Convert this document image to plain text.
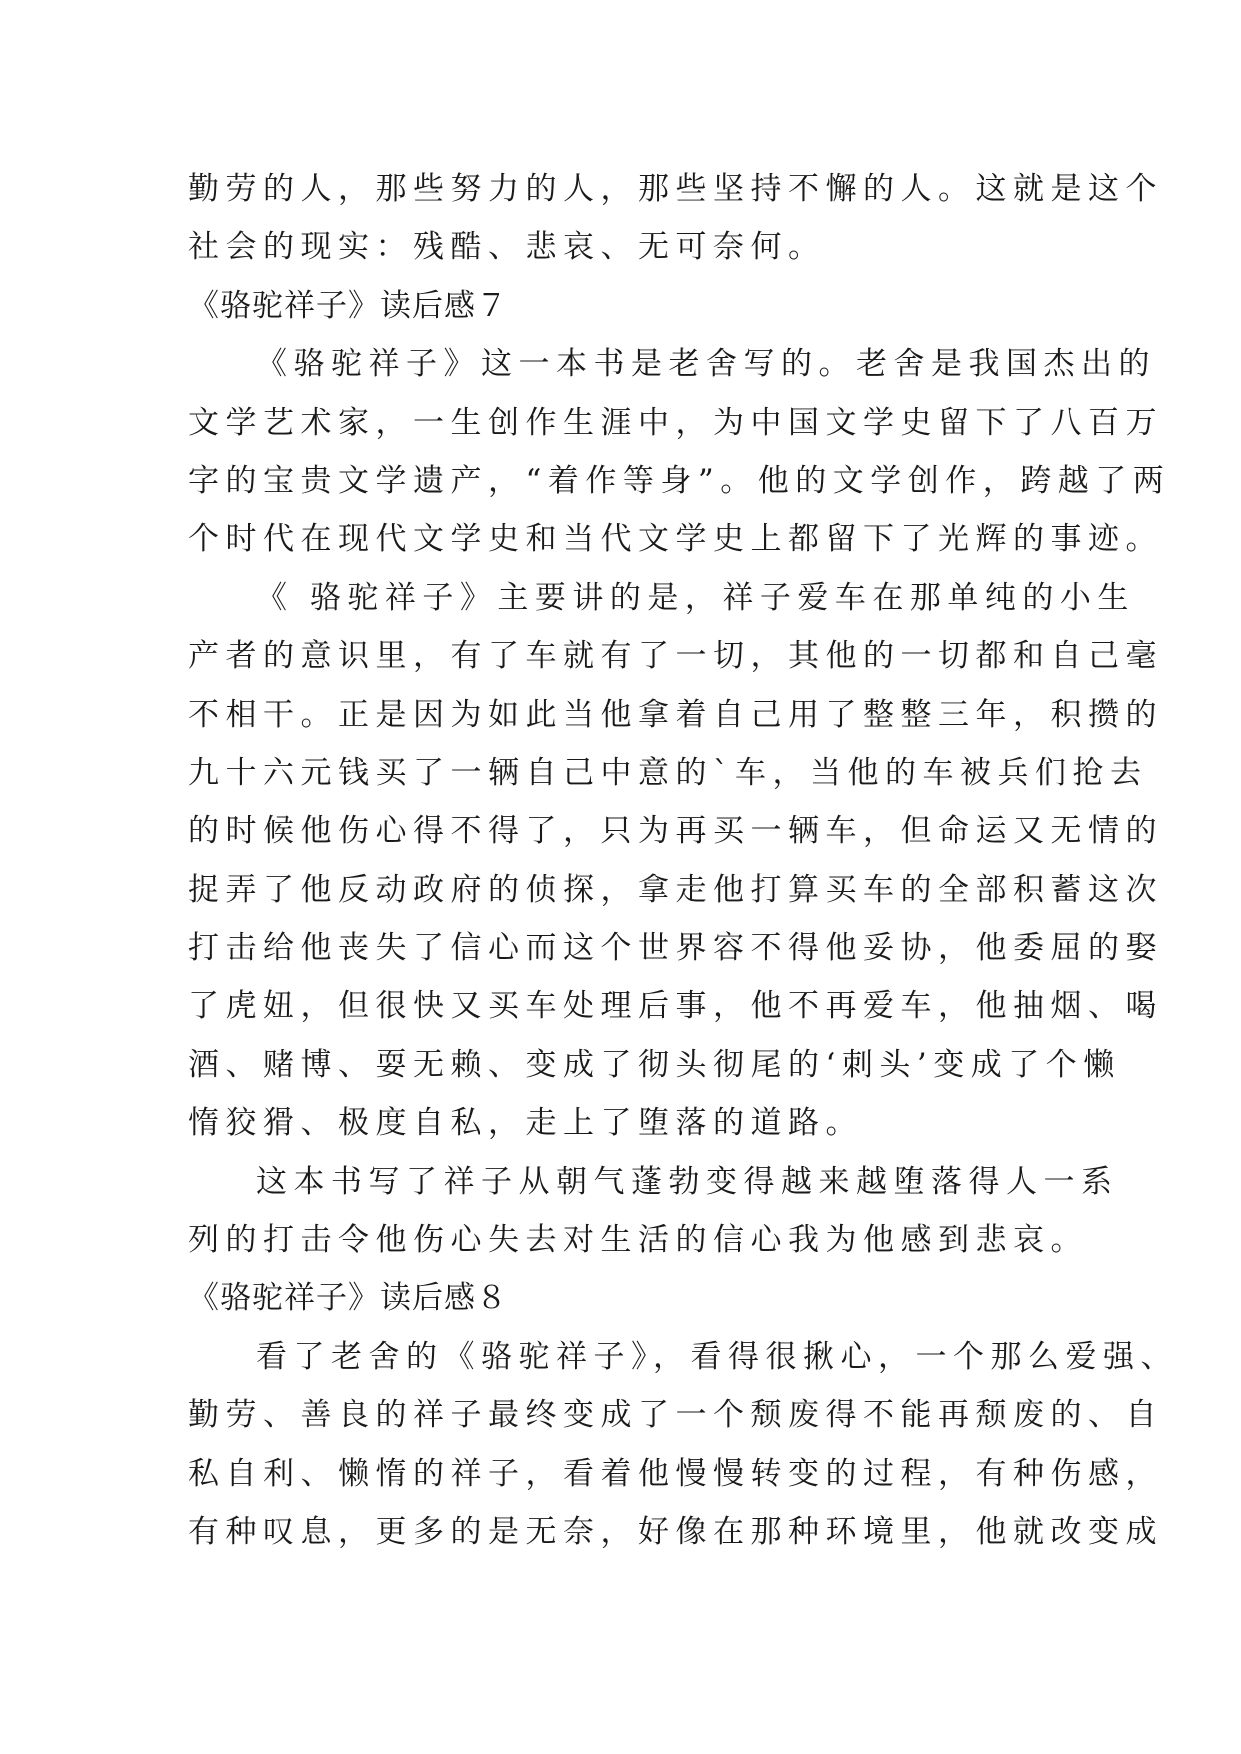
勤劳的人，那些努力的人，那些坚持不懈的人。这就是这个
社会的现实：残酷、悲哀、无可奈何。
《骆驼祥子》读后感７
《骆驼祥子》这一本书是老舍写的。老舍是我国杰出的
文学艺术家，一生创作生涯中，为中国文学史留下了八百万
字的宝贵文学遗产，“着作等身”。他的文学创作，跨越了两
个时代在现代文学史和当代文学史上都留下了光辉的事迹。
《 骆驼祥子》主要讲的是，祥子爱车在那单纯的小生
产者的意识里，有了车就有了一切，其他的一切都和自己毫
不相干。正是因为如此当他拿着自己用了整整三年，积攒的
九十六元钱买了一辆自己中意的`车，当他的车被兵们抢去
的时候他伤心得不得了，只为再买一辆车，但命运又无情的
捉弄了他反动政府的侦探，拿走他打算买车的全部积蓄这次
打击给他丧失了信心而这个世界容不得他妥协，他委屈的娶
了虎妞，但很快又买车处理后事，他不再爱车，他抽烟、喝
酒、赌博、耍无赖、变成了彻头彻尾的‘刺头’变成了个懒
惰狡猾、极度自私，走上了堕落的道路。
这本书写了祥子从朝气蓬勃变得越来越堕落得人一系
列的打击令他伤心失去对生活的信心我为他感到悲哀。
《骆驼祥子》读后感８
看了老舍的《骆驼祥子》，看得很揪心，一个那么爱强、
勤劳、善良的祥子最终变成了一个颓废得不能再颓废的、自
私自利、懒惰的祥子，看着他慢慢转变的过程，有种伤感，
有种叹息，更多的是无奈，好像在那种环境里，他就改变成
